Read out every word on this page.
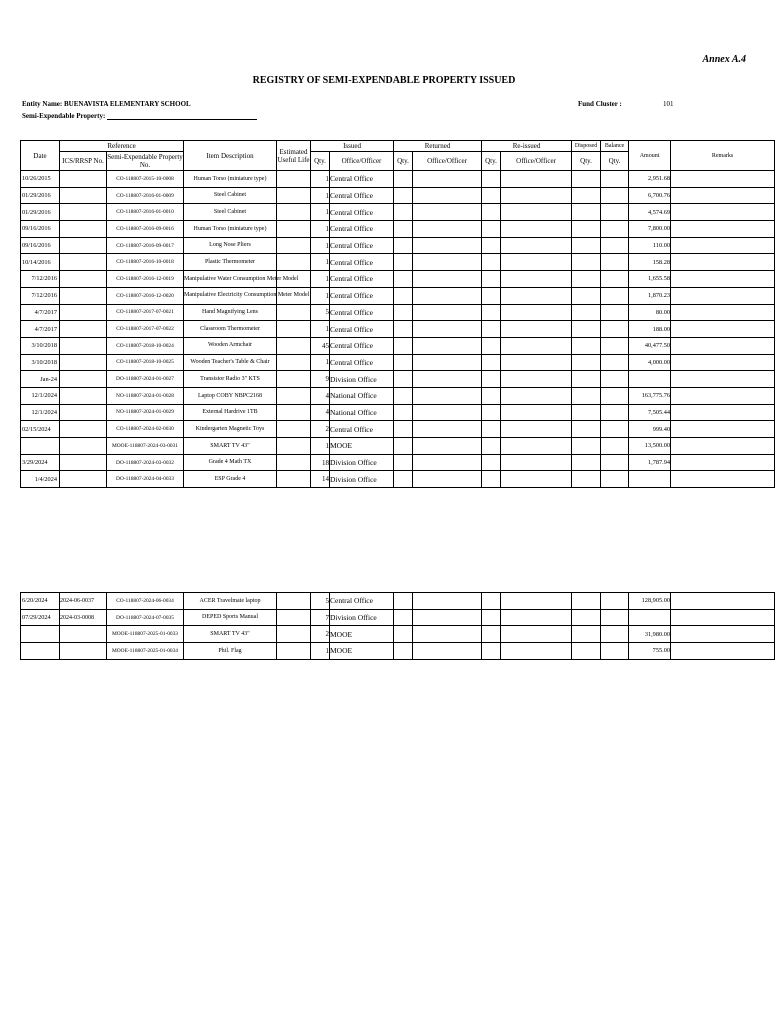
Annex A.4
REGISTRY OF SEMI-EXPENDABLE PROPERTY ISSUED
Entity Name: BUENAVISTA ELEMENTARY SCHOOL
Semi-Expendable Property:
Fund Cluster :	101
Date	Reference		Item Description	Estimated Useful Life	Issued		Returned		Re-issued		Disposed	Balance	Amount	Remarks
	ICS/RRSP No.	Semi-Expendable Property No.			Qty.	Office/Officer	Qty.	Office/Officer	Qty.	Office/Officer	Qty.	Qty.		
10/26/2015		CO-118807-2015-10-0008	Human Torso (miniature type)		1	Central Office							2,951.68	
01/29/2016		CO-118807-2016-01-0009	Steel Cabinet		1	Central Office							6,700.76	
01/29/2016		CO-118807-2016-01-0010	Steel Cabinet		1	Central Office							4,574.69	
09/16/2016		CO-118807-2016-09-0016	Human Torso (miniature type)		1	Central Office							7,800.00	
09/16/2016		CO-118807-2016-09-0017	Long Nose Pliers		1	Central Office							110.00	
10/14/2016		CO-118807-2016-10-0018	Plastic Thermometer		1	Central Office							158.28	
7/12/2016		CO-118807-2016-12-0019	Manipulative Water Consumption Meter Model		1	Central Office							1,655.58	
7/12/2016		CO-118807-2016-12-0020	Manipulative Electricity Consumption Meter Model		1	Central Office							1,870.23	
4/7/2017		CO-118807-2017-07-0021	Hand Magnifying Lens		5	Central Office							80.00	
4/7/2017		CO-118807-2017-07-0022	Classroom Thermometer		1	Central Office							188.00	
3/10/2018		CO-118807-2018-10-0024	Wooden Armchair		45	Central Office							40,477.50	
3/10/2018		CO-118807-2018-10-0025	Wooden Teacher's Table & Chair		1	Central Office							4,000.00	
Jan-24		DO-118807-2024-01-0027	Transistor Radio 3" KTS		9	Division Office								
12/1/2024		NO-118807-2024-01-0028	Laptop COBY NBPC2168		4	National Office							163,775.76	
12/1/2024		NO-118807-2024-01-0029	External Hardrive 1TB		4	National Office							7,505.44	
02/15/2024		CO-118807-2024-02-0030	Kindergarten Magnetic Toys		2	Central Office							999.40	
		MOOE-118807-2024-03-0031	SMART TV 43"		1	MOOE							13,500.00	
3/29/2024		DO-118807-2024-03-0032	Grade 4 Math TX		18	Division Office							1,787.94	
1/4/2024		DO-118807-2024-04-0033	ESP Grade 4		14	Division Office								
6/20/2024	2024-06-0037	CO-118807-2024-06-0034	ACER Travelmate laptop		5	Central Office							128,905.00	
07/29/2024	2024-03-0008	DO-118807-2024-07-0035	DEPED Sports Manual		7	Division Office								
		MOOE-118807-2025-01-0033	SMART TV 43"		2	MOOE							31,980.00	
		MOOE-118807-2025-01-0034	Phil. Flag		1	MOOE							755.00	
